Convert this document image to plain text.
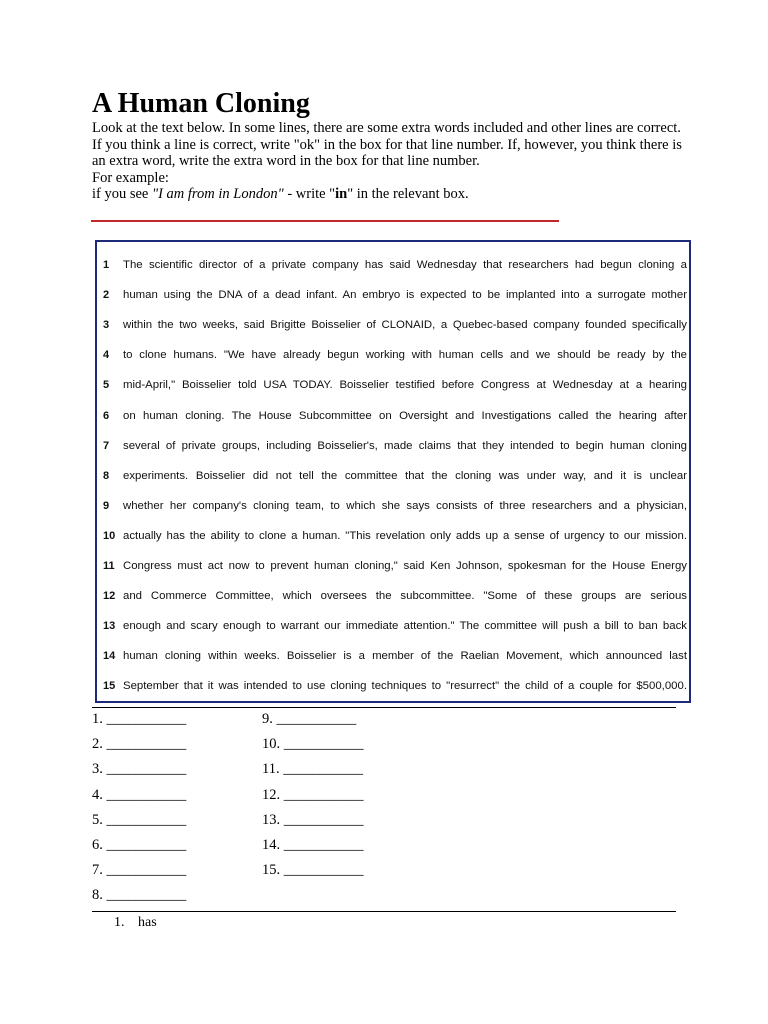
A Human Cloning

Look at the text below. In some lines, there are some extra words included and other lines are correct.

If you think a line is correct, write "ok" in the box for that line number. If, however, you think there is an extra word, write the extra word in the box for that line number.

For example:

if you see "I am from in London" - write "in" in the relevant box.

1	The scientific director of a private company has said Wednesday that researchers had begun cloning a
2	human using the DNA of a dead infant. An embryo is expected to be implanted into a surrogate mother
3	within the two weeks, said Brigitte Boisselier of CLONAID, a Quebec-based company founded specifically
4	to clone humans. "We have already begun working with human cells and we should be ready by the
5	mid-April," Boisselier told USA TODAY. Boisselier testified before Congress at Wednesday at a hearing
6	on human cloning. The House Subcommittee on Oversight and Investigations called the hearing after
7	several of private groups, including Boisselier's, made claims that they intended to begin human cloning
8	experiments. Boisselier did not tell the committee that the cloning was under way, and it is unclear
9	whether her company's cloning team, to which she says consists of three researchers and a physician,
10 actually has the ability to clone a human. "This revelation only adds up a sense of urgency to our mission.
11 Congress must act now to prevent human cloning," said Ken Johnson, spokesman for the House Energy
12 and Commerce Committee, which oversees the subcommittee. "Some of these groups are serious
13 enough and scary enough to warrant our immediate attention." The committee will push a bill to ban back
14 human cloning within weeks. Boisselier is a member of the Raelian Movement, which announced last
15 September that it was intended to use cloning techniques to "resurrect" the child of a couple for $500,000.
1. ___________
2. ___________
3. ___________
4. ___________
5. ___________
6. ___________
7. ___________
8. ___________
9. ___________
10. ___________
11. ___________
12. ___________
13. ___________
14. ___________
15. ___________
1. has
